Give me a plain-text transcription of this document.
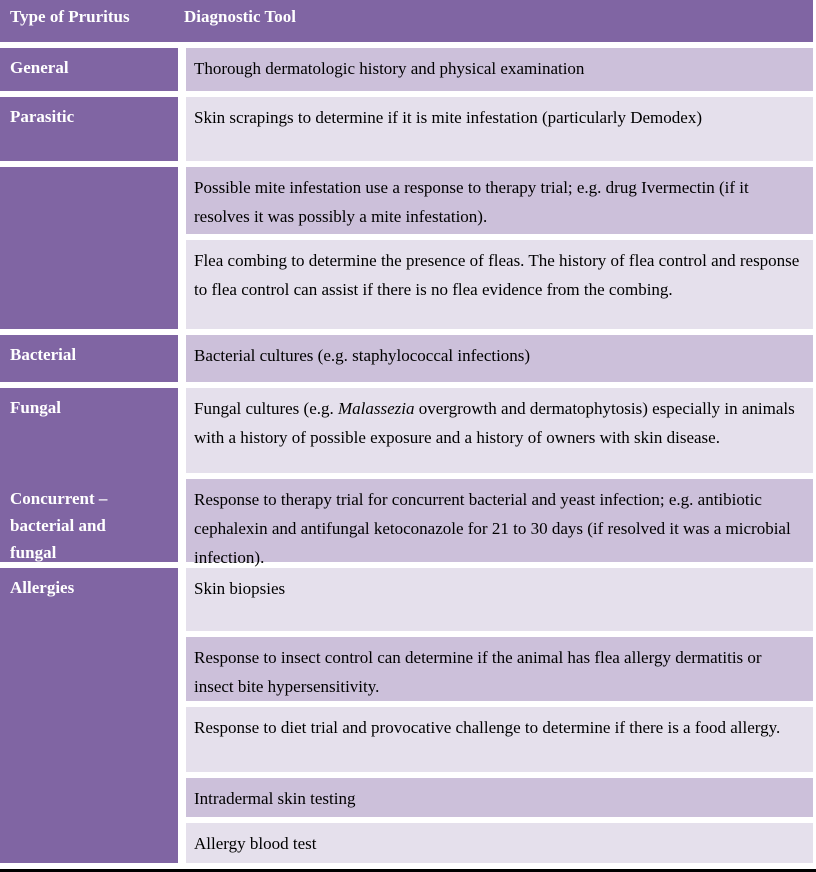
Type of Pruritus	Diagnostic Tool
General
Parasitic
Bacterial
Fungal
Concurrent – bacterial and fungal
Allergies
Thorough dermatologic history and physical examination
Skin scrapings to determine if it is mite infestation (particularly Demodex)
Possible mite infestation use a response to therapy trial; e.g. drug Ivermectin (if it resolves it was possibly a mite infestation).
Flea combing to determine the presence of fleas. The history of flea control and response to flea control can assist if there is no flea evidence from the combing.
Bacterial cultures (e.g. staphylococcal infections)
Fungal cultures (e.g. Malassezia overgrowth and dermatophytosis) especially in animals with a history of possible exposure and a history of owners with skin disease.
Response to therapy trial for concurrent bacterial and yeast infection; e.g. antibiotic cephalexin and antifungal ketoconazole for 21 to 30 days (if resolved it was a microbial infection).
Skin biopsies
Response to insect control can determine if the animal has flea allergy dermatitis or insect bite hypersensitivity.
Response to diet trial and provocative challenge to determine if there is a food allergy.
Intradermal skin testing
Allergy blood test
